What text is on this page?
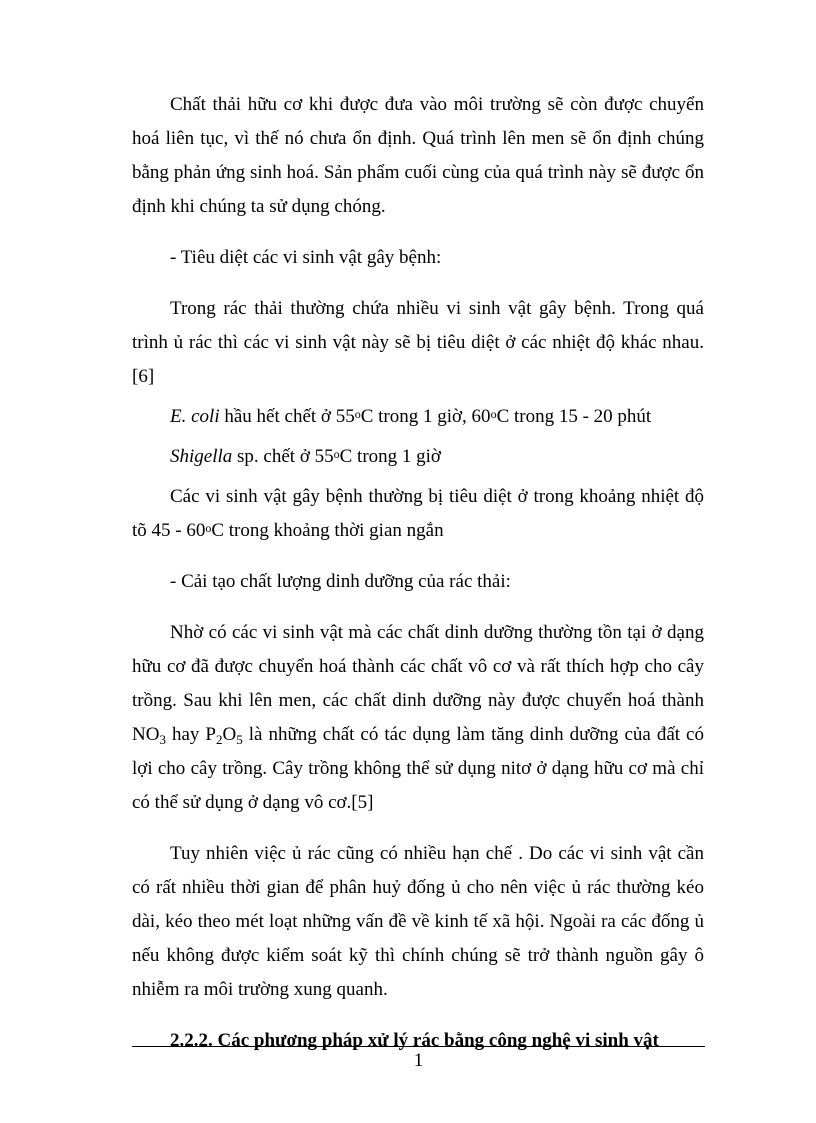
Chất thải hữu cơ khi được đưa vào môi trường sẽ còn được chuyển hoá liên tục, vì thế nó chưa ổn định. Quá trình lên men sẽ ổn định chúng bằng phản ứng sinh hoá. Sản phẩm cuối cùng của quá trình này sẽ được ổn định khi chúng ta sử dụng chóng.

- Tiêu diệt các vi sinh vật gây bệnh:

Trong rác thải thường chứa nhiều vi sinh vật gây bệnh. Trong quá trình ủ rác thì các vi sinh vật này sẽ bị tiêu diệt ở các nhiệt độ khác nhau.[6]

E. coli hầu hết chết ở 55$^o$C trong 1 giờ, 60$^o$C trong 15 - 20 phút

Shigella sp. chết ở 55$^o$C trong 1 giờ

Các vi sinh vật gây bệnh thường bị tiêu diệt ở trong khoảng nhiệt độ tõ 45 - 60$^o$C trong khoảng thời gian ngắn

- Cải tạo chất lượng dinh dưỡng của rác thải:

Nhờ có các vi sinh vật mà các chất dinh dưỡng thường tồn tại ở dạng hữu cơ đã được chuyển hoá thành các chất vô cơ và rất thích hợp cho cây trồng. Sau khi lên men, các chất dinh dưỡng này được chuyển hoá thành $NO_3$ hay $P_2O_5$ là những chất có tác dụng làm tăng dinh dưỡng của đất có lợi cho cây trồng. Cây trồng không thể sử dụng nitơ ở dạng hữu cơ mà chỉ có thể sử dụng ở dạng vô cơ.[5]

Tuy nhiên việc ủ rác cũng có nhiều hạn chế . Do các vi sinh vật cần có rất nhiều thời gian để phân huỷ đống ủ cho nên việc ủ rác thường kéo dài, kéo theo mét loạt những vấn đề về kinh tế xã hội. Ngoài ra các đống ủ nếu không được kiểm soát kỹ thì chính chúng sẽ trở thành nguồn gây ô nhiễm ra môi trường xung quanh.

2.2.2. Các phương pháp xử lý rác bằng công nghệ vi sinh vật
1
